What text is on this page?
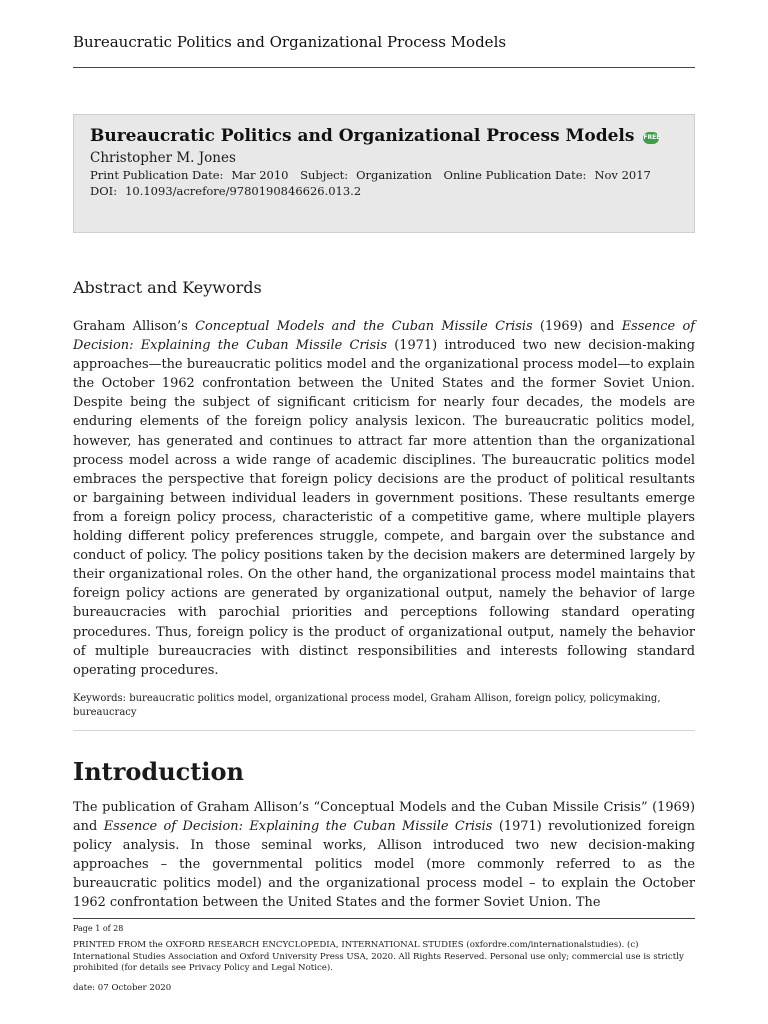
Bureaucratic Politics and Organizational Process Models
Bureaucratic Politics and Organizational Process Models FREE
Christopher M. Jones
Print Publication Date: Mar 2010 Subject: Organization Online Publication Date: Nov 2017
DOI: 10.1093/acrefore/9780190846626.013.2
Abstract and Keywords

Graham Allison’s Conceptual Models and the Cuban Missile Crisis (1969) and Essence of Decision: Explaining the Cuban Missile Crisis (1971) introduced two new decision-making approaches—the bureaucratic politics model and the organizational process model—to explain the October 1962 confrontation between the United States and the former Soviet Union. Despite being the subject of significant criticism for nearly four decades, the models are enduring elements of the foreign policy analysis lexicon. The bureaucratic politics model, however, has generated and continues to attract far more attention than the organizational process model across a wide range of academic disciplines. The bureaucratic politics model embraces the perspective that foreign policy decisions are the product of political resultants or bargaining between individual leaders in government positions. These resultants emerge from a foreign policy process, characteristic of a competitive game, where multiple players holding different policy preferences struggle, compete, and bargain over the substance and conduct of policy. The policy positions taken by the decision makers are determined largely by their organizational roles. On the other hand, the organizational process model maintains that foreign policy actions are generated by organizational output, namely the behavior of large bureaucracies with parochial priorities and perceptions following standard operating procedures. Thus, foreign policy is the product of organizational output, namely the behavior of multiple bureaucracies with distinct responsibilities and interests following standard operating procedures.

Keywords: bureaucratic politics model, organizational process model, Graham Allison, foreign policy, policymaking, bureaucracy
Introduction

The publication of Graham Allison’s “Conceptual Models and the Cuban Missile Crisis” (1969) and Essence of Decision: Explaining the Cuban Missile Crisis (1971) revolutionized foreign policy analysis. In those seminal works, Allison introduced two new decision-making approaches – the governmental politics model (more commonly referred to as the bureaucratic politics model) and the organizational process model – to explain the October 1962 confrontation between the United States and the former Soviet Union. The

Page 1 of 28
PRINTED FROM the OXFORD RESEARCH ENCYCLOPEDIA, INTERNATIONAL STUDIES (oxfordre.com/internationalstudies). (c) International Studies Association and Oxford University Press USA, 2020. All Rights Reserved. Personal use only; commercial use is strictly prohibited (for details see Privacy Policy and Legal Notice).
date: 07 October 2020
